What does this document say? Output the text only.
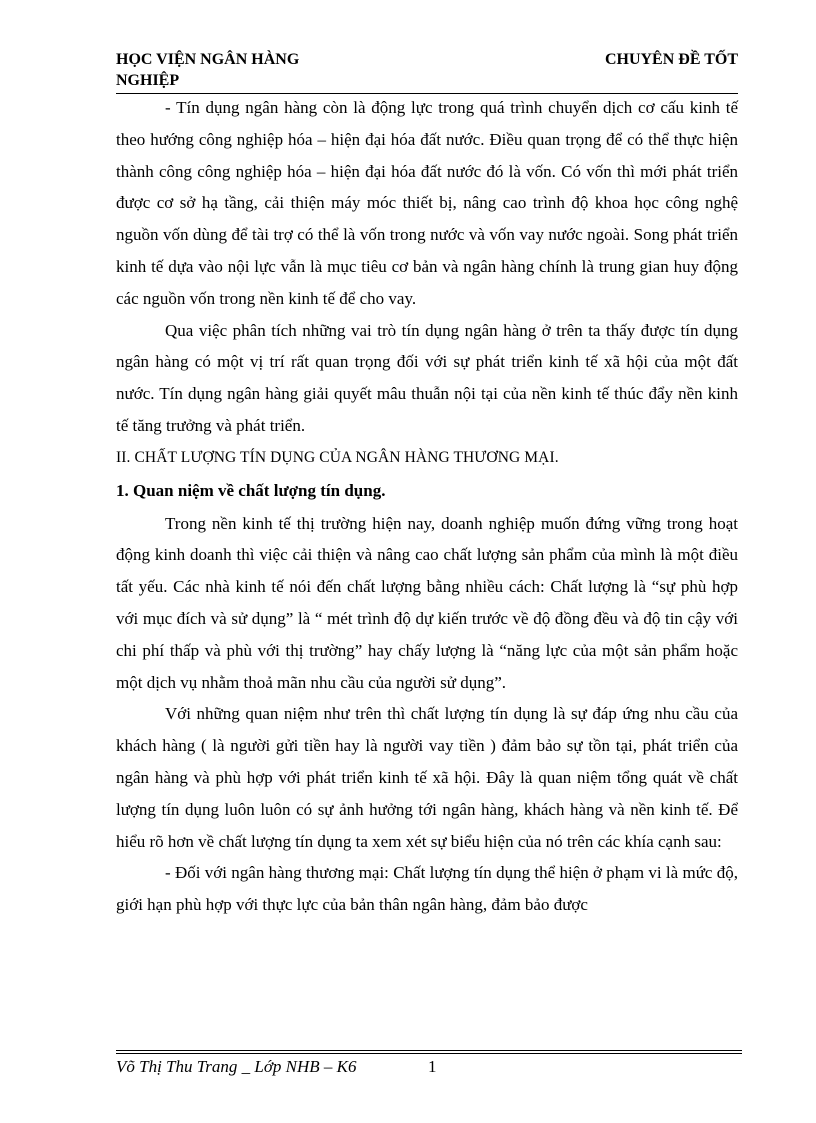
HỌC VIỆN NGÂN HÀNG	CHUYÊN ĐỀ TỐT
NGHIỆP

- Tín dụng ngân hàng còn là động lực trong quá trình chuyển dịch cơ cấu kinh tế theo hướng công nghiệp hóa – hiện đại hóa đất nước. Điều quan trọng để có thể thực hiện thành công công nghiệp hóa – hiện đại hóa đất nước đó là vốn. Có vốn thì mới phát triển được cơ sở hạ tầng, cải thiện máy móc thiết bị, nâng cao trình độ khoa học công nghệ nguồn vốn dùng để tài trợ có thể là vốn trong nước và vốn vay nước ngoài. Song phát triển kinh tế dựa vào nội lực vẫn là mục tiêu cơ bản và ngân hàng chính là trung gian huy động các nguồn vốn trong nền kinh tế để cho vay.

Qua việc phân tích những vai trò tín dụng ngân hàng ở trên ta thấy được tín dụng ngân hàng có một vị trí rất quan trọng đối với sự phát triển kinh tế xã hội của một đất nước. Tín dụng ngân hàng giải quyết mâu thuẫn nội tại của nền kinh tế thúc đẩy nền kinh tế tăng trưởng và phát triển.

II. CHẤT LƯỢNG TÍN DỤNG CỦA NGÂN HÀNG THƯƠNG MẠI.

1. Quan niệm về chất lượng tín dụng.

Trong nền kinh tế thị trường hiện nay, doanh nghiệp muốn đứng vững trong hoạt động kinh doanh thì việc cải thiện và nâng cao chất lượng sản phẩm của mình là một điều tất yếu. Các nhà kinh tế nói đến chất lượng bằng nhiều cách: Chất lượng là “sự phù hợp với mục đích và sử dụng” là “ mét trình độ dự kiến trước về độ đồng đều và độ tin cậy với chi phí thấp và phù với thị trường” hay chấy lượng là “năng lực của một sản phẩm hoặc một dịch vụ nhằm thoả mãn nhu cầu của người sử dụng”.

Với những quan niệm như trên thì chất lượng tín dụng là sự đáp ứng nhu cầu của khách hàng ( là người gửi tiền hay là người vay tiền ) đảm bảo sự tồn tại, phát triển của ngân hàng và phù hợp với phát triển kinh tế xã hội. Đây là quan niệm tổng quát về chất lượng tín dụng luôn luôn có sự ảnh hưởng tới ngân hàng, khách hàng và nền kinh tế. Để hiểu rõ hơn về chất lượng tín dụng ta xem xét sự biểu hiện của nó trên các khía cạnh sau:

- Đối với ngân hàng thương mại: Chất lượng tín dụng thể hiện ở phạm vi là mức độ, giới hạn phù hợp với thực lực của bản thân ngân hàng, đảm bảo được

Võ Thị Thu Trang _ Lớp NHB – K6	1
